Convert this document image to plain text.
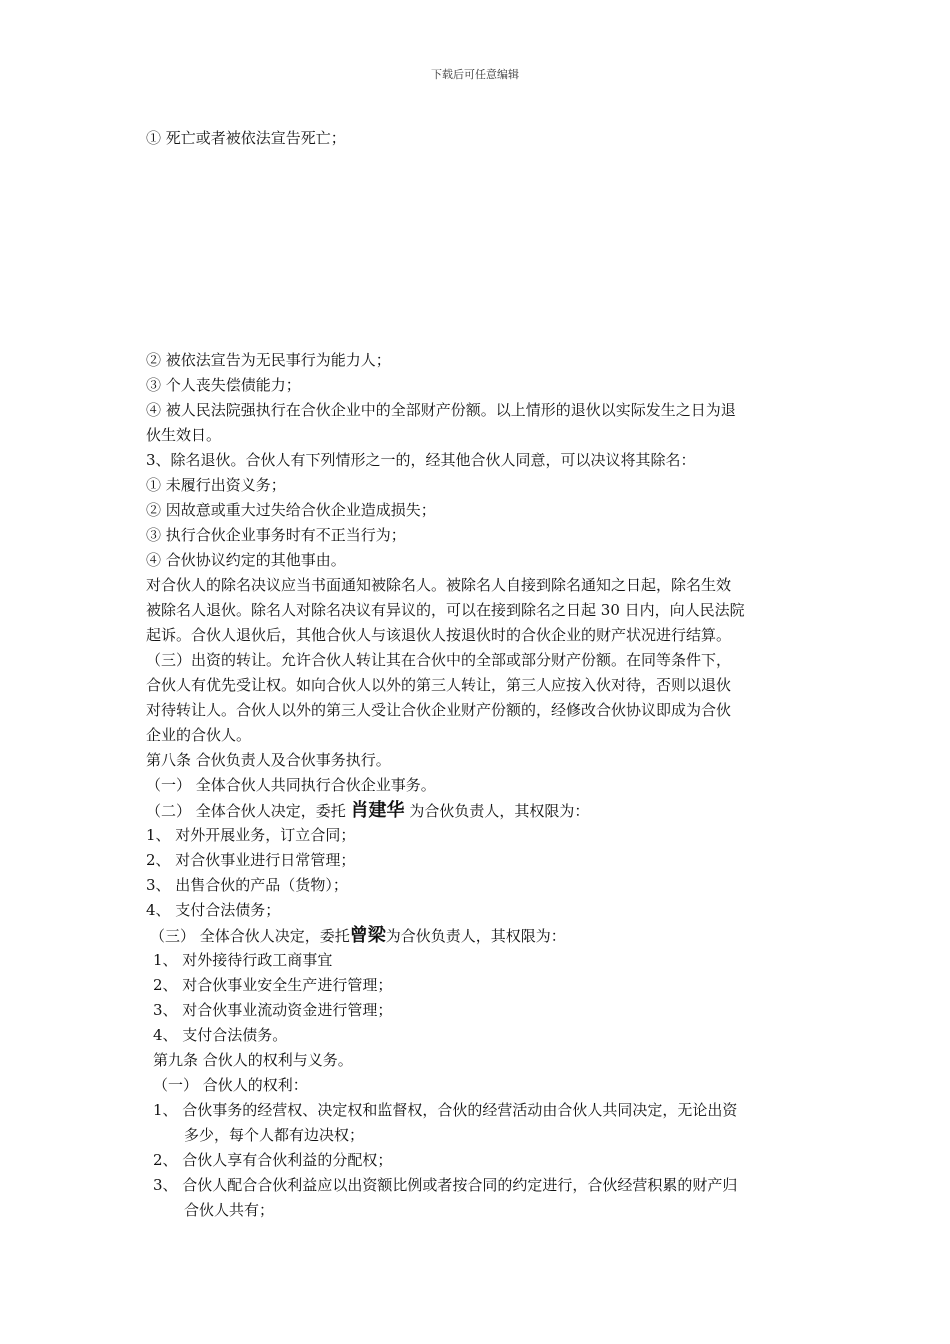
下载后可任意编辑
① 死亡或者被依法宣告死亡；
② 被依法宣告为无民事行为能力人；
③ 个人丧失偿债能力；
④ 被人民法院强执行在合伙企业中的全部财产份额。以上情形的退伙以实际发生之日为退
伙生效日。
3、除名退伙。合伙人有下列情形之一的，经其他合伙人同意，可以决议将其除名：
① 未履行出资义务；
② 因故意或重大过失给合伙企业造成损失；
③ 执行合伙企业事务时有不正当行为；
④ 合伙协议约定的其他事由。
对合伙人的除名决议应当书面通知被除名人。被除名人自接到除名通知之日起，除名生效
被除名人退伙。除名人对除名决议有异议的，可以在接到除名之日起 30 日内，向人民法院
起诉。合伙人退伙后，其他合伙人与该退伙人按退伙时的合伙企业的财产状况进行结算。
（三）出资的转让。允许合伙人转让其在合伙中的全部或部分财产份额。在同等条件下，
合伙人有优先受让权。如向合伙人以外的第三人转让，第三人应按入伙对待，否则以退伙
对待转让人。合伙人以外的第三人受让合伙企业财产份额的，经修改合伙协议即成为合伙
企业的合伙人。
第八条 合伙负责人及合伙事务执行。
（一） 全体合伙人共同执行合伙企业事务。
（二） 全体合伙人决定，委托 肖建华 为合伙负责人，其权限为：
1、 对外开展业务，订立合同；
2、 对合伙事业进行日常管理；
3、 出售合伙的产品（货物）；
4、 支付合法债务；
（三） 全体合伙人决定，委托曾梁为合伙负责人，其权限为：
1、 对外接待行政工商事宜
2、 对合伙事业安全生产进行管理；
3、 对合伙事业流动资金进行管理；
4、 支付合法债务。
第九条 合伙人的权利与义务。
（一） 合伙人的权利：
1、 合伙事务的经营权、决定权和监督权，合伙的经营活动由合伙人共同决定，无论出资
多少，每个人都有边决权；
2、 合伙人享有合伙利益的分配权；
3、 合伙人配合合伙利益应以出资额比例或者按合同的约定进行，合伙经营积累的财产归
合伙人共有；
